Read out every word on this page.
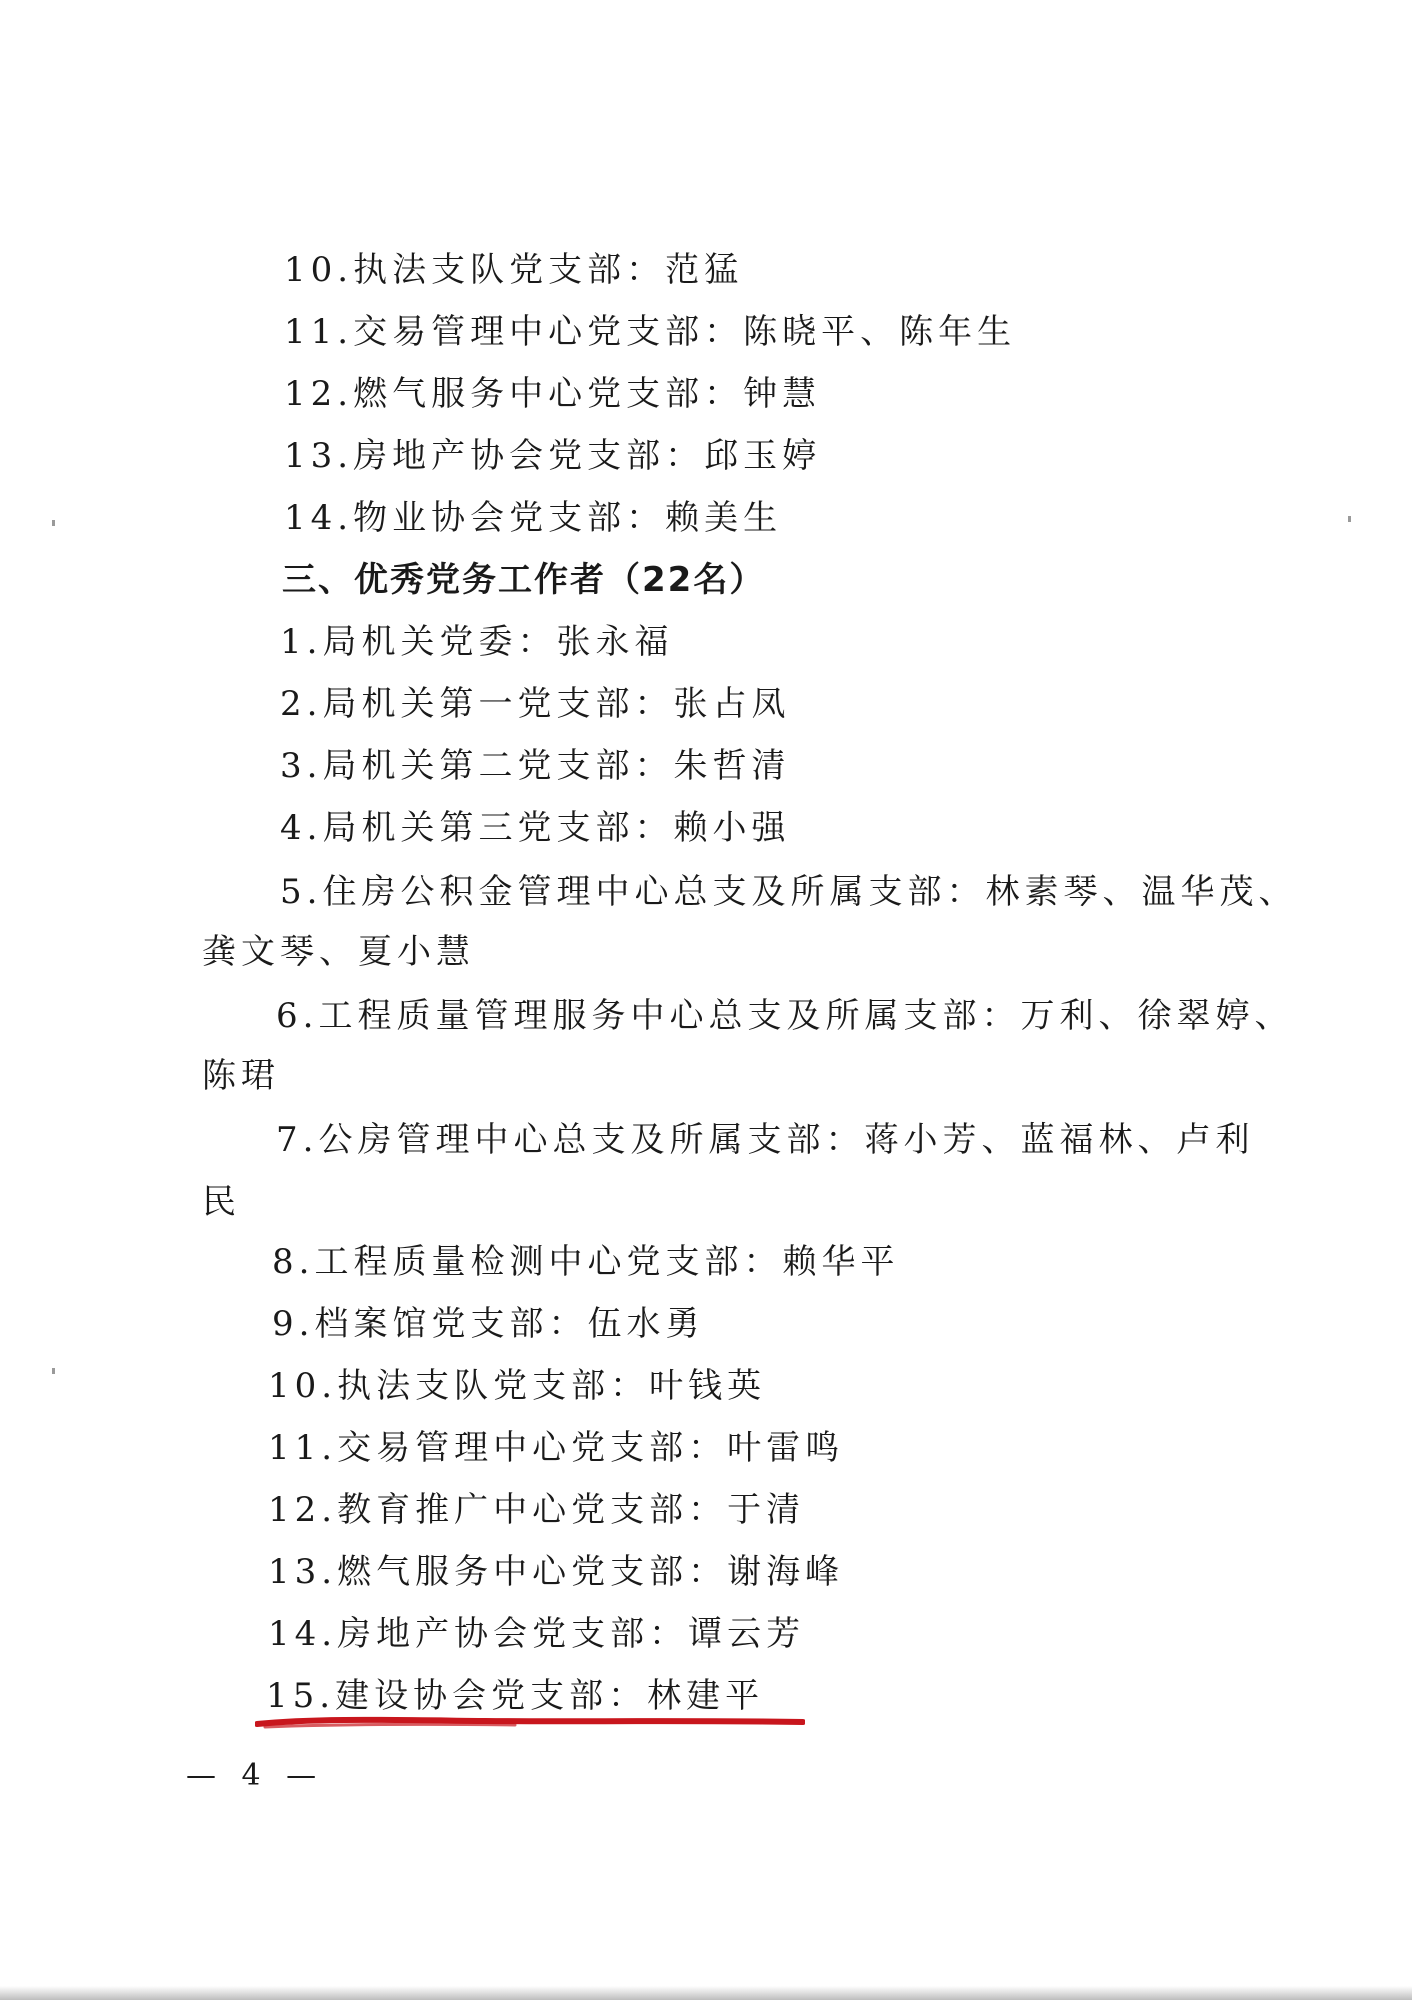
10.执法支队党支部：范猛
11.交易管理中心党支部：陈晓平、陈年生
12.燃气服务中心党支部：钟慧
13.房地产协会党支部：邱玉婷
14.物业协会党支部：赖美生
三、优秀党务工作者（22名）
1.局机关党委：张永福
2.局机关第一党支部：张占凤
3.局机关第二党支部：朱哲清
4.局机关第三党支部：赖小强
5.住房公积金管理中心总支及所属支部：林素琴、温华茂、
龚文琴、夏小慧
6.工程质量管理服务中心总支及所属支部：万利、徐翠婷、
陈珺
7.公房管理中心总支及所属支部：蒋小芳、蓝福林、卢利
民
8.工程质量检测中心党支部：赖华平
9.档案馆党支部：伍水勇
10.执法支队党支部：叶钱英
11.交易管理中心党支部：叶雷鸣
12.教育推广中心党支部：于清
13.燃气服务中心党支部：谢海峰
14.房地产协会党支部：谭云芳
15.建设协会党支部：林建平
— 4 —
